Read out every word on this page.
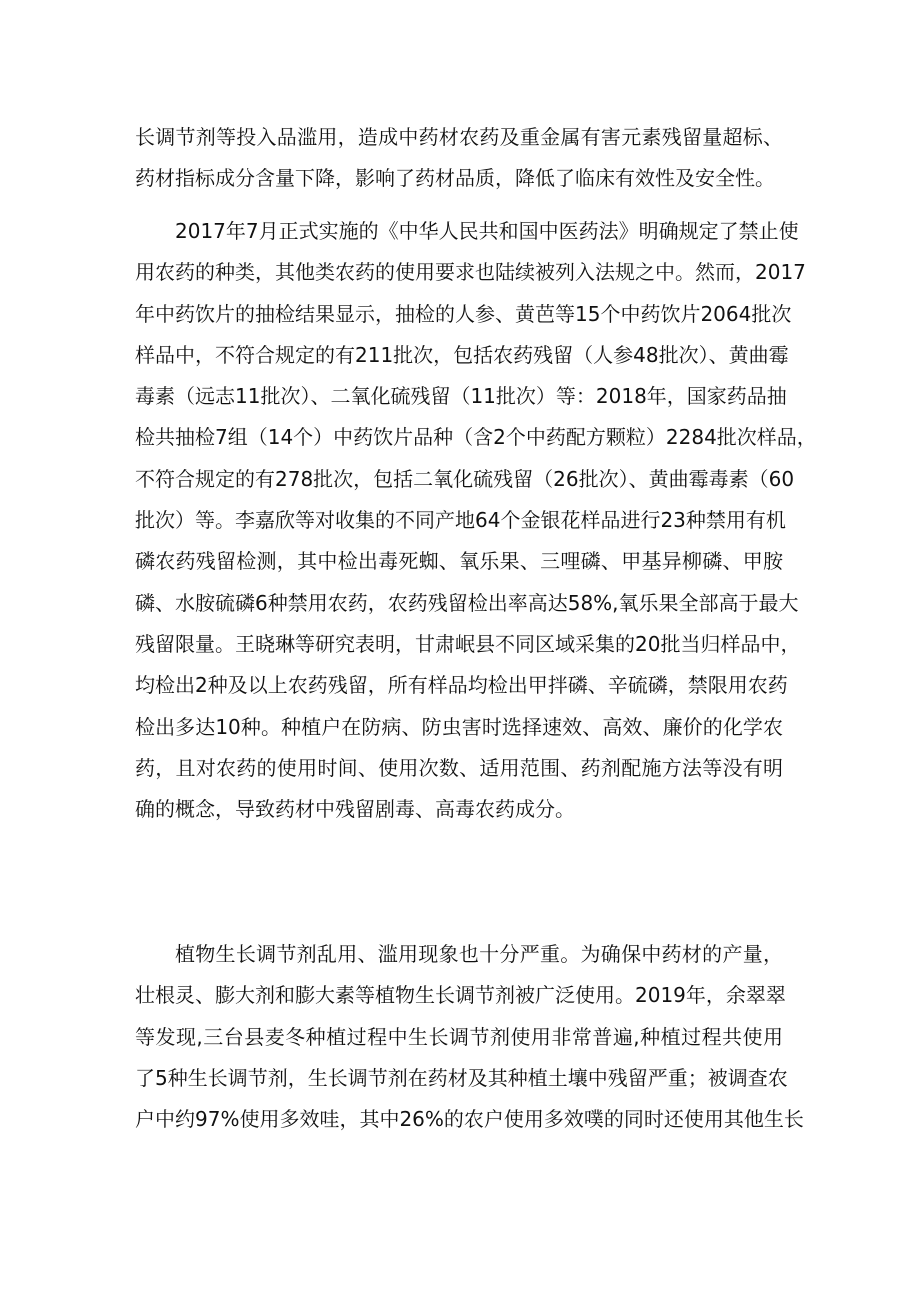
长调节剂等投入品滥用，造成中药材农药及重金属有害元素残留量超标、
药材指标成分含量下降，影响了药材品质，降低了临床有效性及安全性。
2017年7月正式实施的《中华人民共和国中医药法》明确规定了禁止使
用农药的种类，其他类农药的使用要求也陆续被列入法规之中。然而，2017
年中药饮片的抽检结果显示，抽检的人参、黄芭等15个中药饮片2064批次
样品中，不符合规定的有211批次，包括农药残留（人参48批次）、黄曲霉
毒素（远志11批次）、二氧化硫残留（11批次）等：2018年，国家药品抽
检共抽检7组（14个）中药饮片品种（含2个中药配方颗粒）2284批次样品，
不符合规定的有278批次，包括二氧化硫残留（26批次）、黄曲霉毒素（60
批次）等。李嘉欣等对收集的不同产地64个金银花样品进行23种禁用有机
磷农药残留检测，其中检出毒死蜘、氧乐果、三哩磷、甲基异柳磷、甲胺
磷、水胺硫磷6种禁用农药，农药残留检出率高达58%,氧乐果全部高于最大
残留限量。王晓琳等研究表明，甘肃岷县不同区域采集的20批当归样品中，
均检出2种及以上农药残留，所有样品均检出甲拌磷、辛硫磷，禁限用农药
检出多达10种。种植户在防病、防虫害时选择速效、高效、廉价的化学农
药，且对农药的使用时间、使用次数、适用范围、药剂配施方法等没有明
确的概念，导致药材中残留剧毒、高毒农药成分。
植物生长调节剂乱用、滥用现象也十分严重。为确保中药材的产量，
壮根灵、膨大剂和膨大素等植物生长调节剂被广泛使用。2019年，余翠翠
等发现,三台县麦冬种植过程中生长调节剂使用非常普遍,种植过程共使用
了5种生长调节剂，生长调节剂在药材及其种植土壤中残留严重；被调查农
户中约97%使用多效哇，其中26%的农户使用多效噗的同时还使用其他生长
